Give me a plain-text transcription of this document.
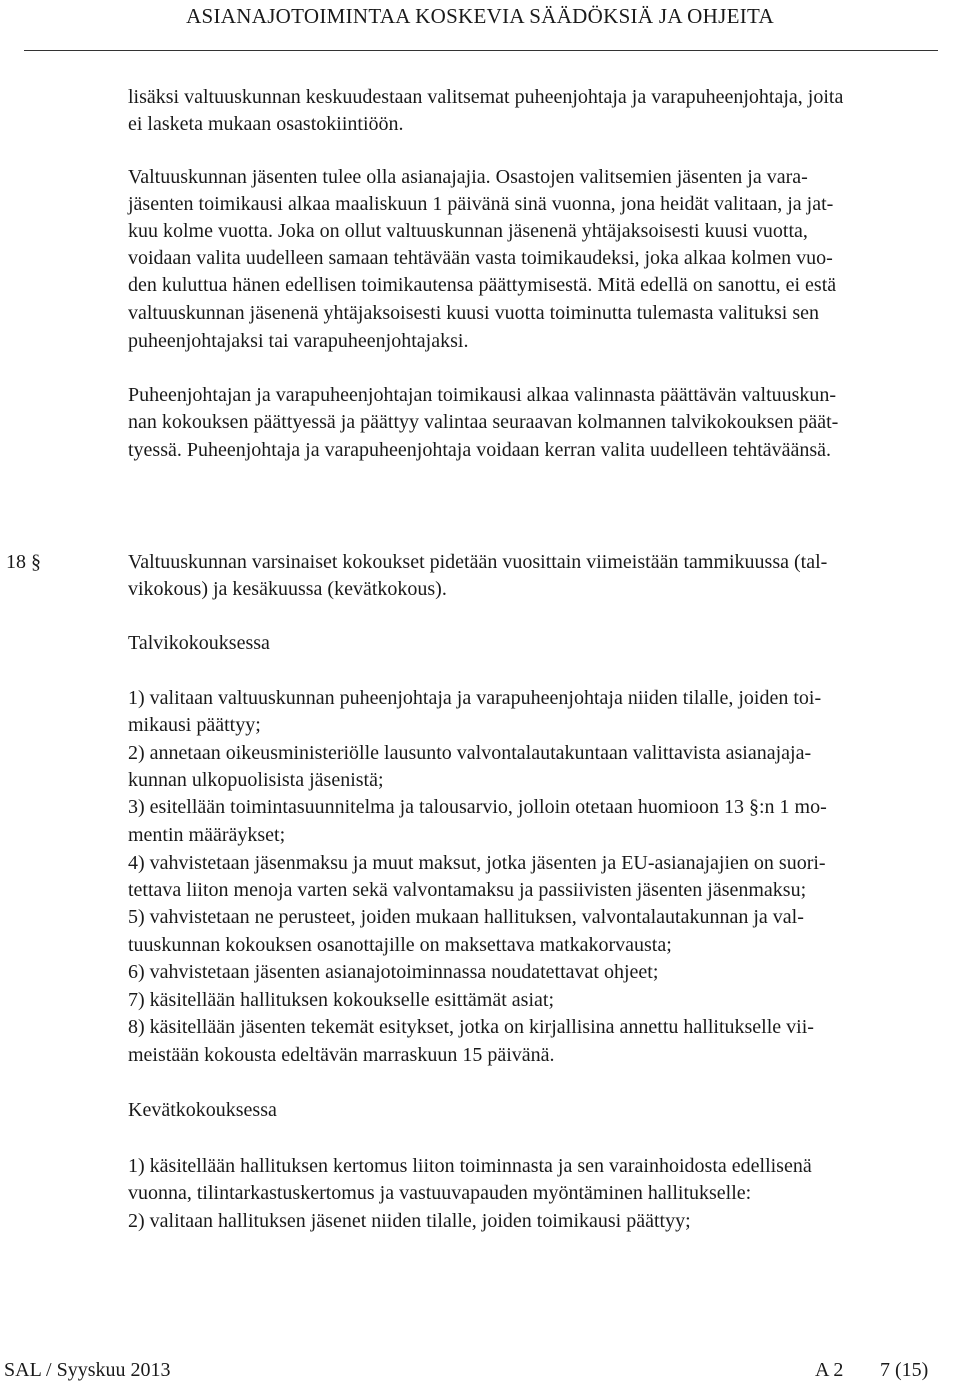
ASIANAJOTOIMINTAA KOSKEVIA SÄÄDÖKSIÄ JA OHJEITA
lisäksi valtuuskunnan keskuudestaan valitsemat puheenjohtaja ja varapuheenjohtaja, joita
ei lasketa mukaan osastokiintiöön.
Valtuuskunnan jäsenten tulee olla asianajajia. Osastojen valitsemien jäsenten ja vara-
jäsenten toimikausi alkaa maaliskuun 1 päivänä sinä vuonna, jona heidät valitaan, ja jat-
kuu kolme vuotta. Joka on ollut valtuuskunnan jäsenenä yhtäjaksoisesti kuusi vuotta,
voidaan valita uudelleen samaan tehtävään vasta toimikaudeksi, joka alkaa kolmen vuo-
den kuluttua hänen edellisen toimikautensa päättymisestä. Mitä edellä on sanottu, ei estä
valtuuskunnan jäsenenä yhtäjaksoisesti kuusi vuotta toiminutta tulemasta valituksi sen
puheenjohtajaksi tai varapuheenjohtajaksi.
Puheenjohtajan ja varapuheenjohtajan toimikausi alkaa valinnasta päättävän valtuuskun-
nan kokouksen päättyessä ja päättyy valintaa seuraavan kolmannen talvikokouksen päät-
tyessä. Puheenjohtaja ja varapuheenjohtaja voidaan kerran valita uudelleen tehtäväänsä.
18 §	Valtuuskunnan varsinaiset kokoukset pidetään vuosittain viimeistään tammikuussa (tal-
vikokous) ja kesäkuussa (kevätkokous).
Talvikokouksessa
1) valitaan valtuuskunnan puheenjohtaja ja varapuheenjohtaja niiden tilalle, joiden toi-
mikausi päättyy;
2) annetaan oikeusministeriölle lausunto valvontalautakuntaan valittavista asianajaja-
kunnan ulkopuolisista jäsenistä;
3) esitellään toimintasuunnitelma ja talousarvio, jolloin otetaan huomioon 13 §:n 1 mo-
mentin määräykset;
4) vahvistetaan jäsenmaksu ja muut maksut, jotka jäsenten ja EU-asianajajien on suori-
tettava liiton menoja varten sekä valvontamaksu ja passiivisten jäsenten jäsenmaksu;
5) vahvistetaan ne perusteet, joiden mukaan hallituksen, valvontalautakunnan ja val-
tuuskunnan kokouksen osanottajille on maksettava matkakorvausta;
6) vahvistetaan jäsenten asianajotoiminnassa noudatettavat ohjeet;
7) käsitellään hallituksen kokoukselle esittämät asiat;
8) käsitellään jäsenten tekemät esitykset, jotka on kirjallisina annettu hallitukselle vii-
meistään kokousta edeltävän marraskuun 15 päivänä.
Kevätkokouksessa
1) käsitellään hallituksen kertomus liiton toiminnasta ja sen varainhoidosta edellisenä
vuonna, tilintarkastuskertomus ja vastuuvapauden myöntäminen hallitukselle:
2) valitaan hallituksen jäsenet niiden tilalle, joiden toimikausi päättyy;
SAL / Syyskuu 2013	A 2 7 (15)
